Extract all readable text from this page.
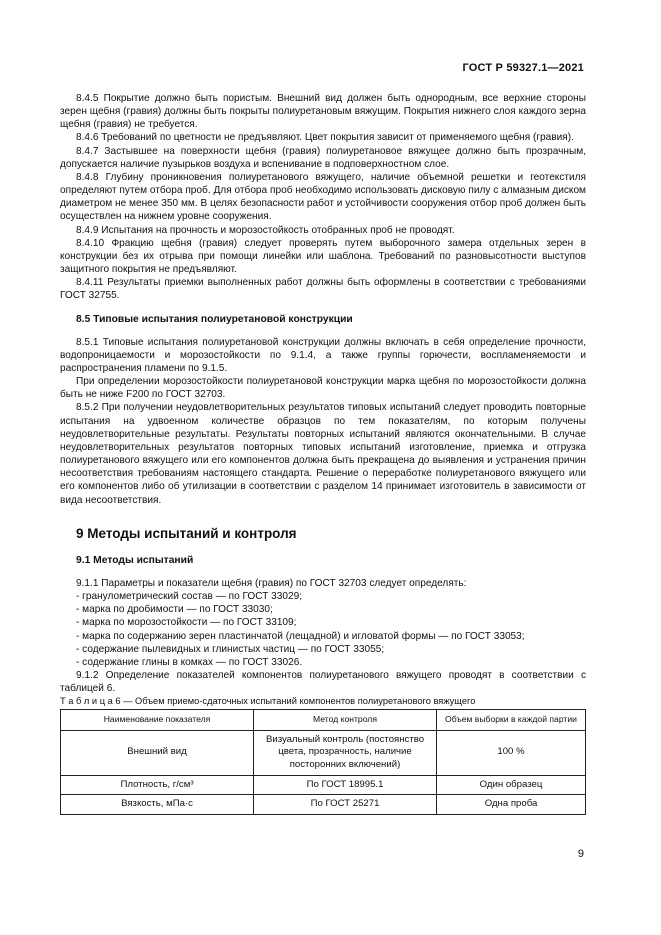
ГОСТ Р 59327.1—2021

8.4.5 Покрытие должно быть пористым. Внешний вид должен быть однородным, все верхние стороны зерен щебня (гравия) должны быть покрыты полиуретановым вяжущим. Покрытия нижнего слоя каждого зерна щебня (гравия) не требуется.

8.4.6 Требований по цветности не предъявляют. Цвет покрытия зависит от применяемого щебня (гравия).

8.4.7 Застывшее на поверхности щебня (гравия) полиуретановое вяжущее должно быть прозрачным, допускается наличие пузырьков воздуха и вспенивание в подповерхностном слое.

8.4.8 Глубину проникновения полиуретанового вяжущего, наличие объемной решетки и геотекстиля определяют путем отбора проб. Для отбора проб необходимо использовать дисковую пилу с алмазным диском диаметром не менее 350 мм. В целях безопасности работ и устойчивости сооружения отбор проб должен быть осуществлен на нижнем уровне сооружения.

8.4.9 Испытания на прочность и морозостойкость отобранных проб не проводят.

8.4.10 Фракцию щебня (гравия) следует проверять путем выборочного замера отдельных зерен в конструкции без их отрыва при помощи линейки или шаблона. Требований по разновысотности выступов защитного покрытия не предъявляют.

8.4.11 Результаты приемки выполненных работ должны быть оформлены в соответствии с требованиями ГОСТ 32755.

8.5 Типовые испытания полиуретановой конструкции

8.5.1 Типовые испытания полиуретановой конструкции должны включать в себя определение прочности, водопроницаемости и морозостойкости по 9.1.4, а также группы горючести, воспламеняемости и распространения пламени по 9.1.5.

При определении морозостойкости полиуретановой конструкции марка щебня по морозостойкости должна быть не ниже F200 по ГОСТ 32703.

8.5.2 При получении неудовлетворительных результатов типовых испытаний следует проводить повторные испытания на удвоенном количестве образцов по тем показателям, по которым получены неудовлетворительные результаты. Результаты повторных испытаний являются окончательными. В случае неудовлетворительных результатов повторных типовых испытаний изготовление, приемка и отгрузка полиуретанового вяжущего или его компонентов должна быть прекращена до выявления и устранения причин несоответствия требованиям настоящего стандарта. Решение о переработке полиуретанового вяжущего или его компонентов либо об утилизации в соответствии с разделом 14 принимает изготовитель в зависимости от вида несоответствия.

9 Методы испытаний и контроля
9.1 Методы испытаний

9.1.1 Параметры и показатели щебня (гравия) по ГОСТ 32703 следует определять:

- гранулометрический состав — по ГОСТ 33029;

- марка по дробимости — по ГОСТ 33030;

- марка по морозостойкости — по ГОСТ 33109;

- марка по содержанию зерен пластинчатой (лещадной) и игловатой формы — по ГОСТ 33053;

- содержание пылевидных и глинистых частиц — по ГОСТ 33055;

- содержание глины в комках — по ГОСТ 33026.

9.1.2 Определение показателей компонентов полиуретанового вяжущего проводят в соответствии с таблицей 6.

Т а б л и ц а 6 — Объем приемо-сдаточных испытаний компонентов полиуретанового вяжущего

Наименование показателя	Метод контроля	Объем выборки в каждой партии
Внешний вид	Визуальный контроль (постоянство цвета, прозрачность, наличие посторонних включений)	100 %
Плотность, г/см³	По ГОСТ 18995.1	Один образец
Вязкость, мПа·с	По ГОСТ 25271	Одна проба
9
